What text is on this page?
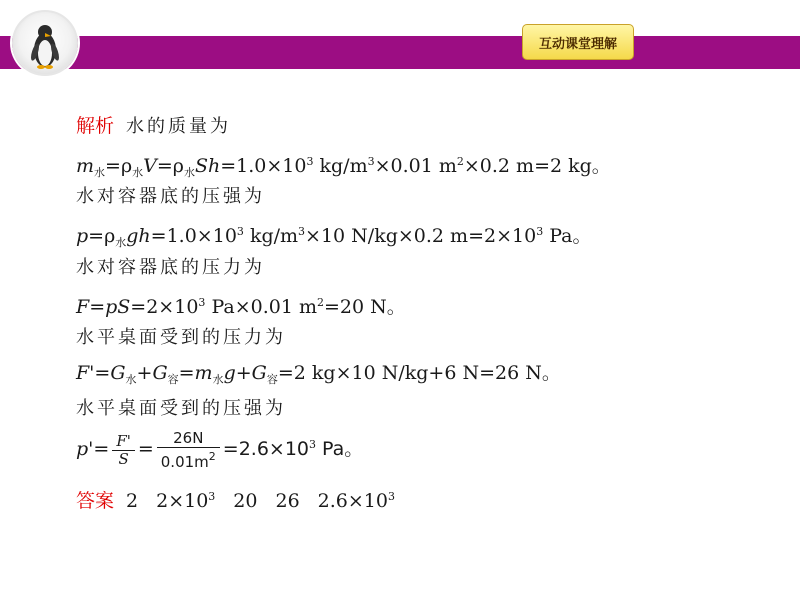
互动课堂理解
解析 水的质量为
$m_水=\rho_水V=\rho_水Sh=1.0\times 10^3$ $kg/m^3\times 0.01$ $m^2\times 0.2$ m=2 kg。
水对容器底的压强为
$p=\rho_水gh=1.0\times 10^3$ $kg/m^3\times 10$ N/kg×0.2 $m=2\times 10^3$ Pa。
水对容器底的压力为
$F=pS=2\times 10^3$ Pa×0.01 $m^2=20$ N。
水平桌面受到的压力为
$F'=G_水+G_容=m_水g+G_容=2$ kg×10 N/kg+6 N=26 N。
水平桌面受到的压强为
$p'= \frac{F'}{S} = \frac{26N}{0.01m^2} =2.6\times 10^3$ Pa。
答案 2 $2\times 10^3$ 20 26 $2.6\times 10^3$
